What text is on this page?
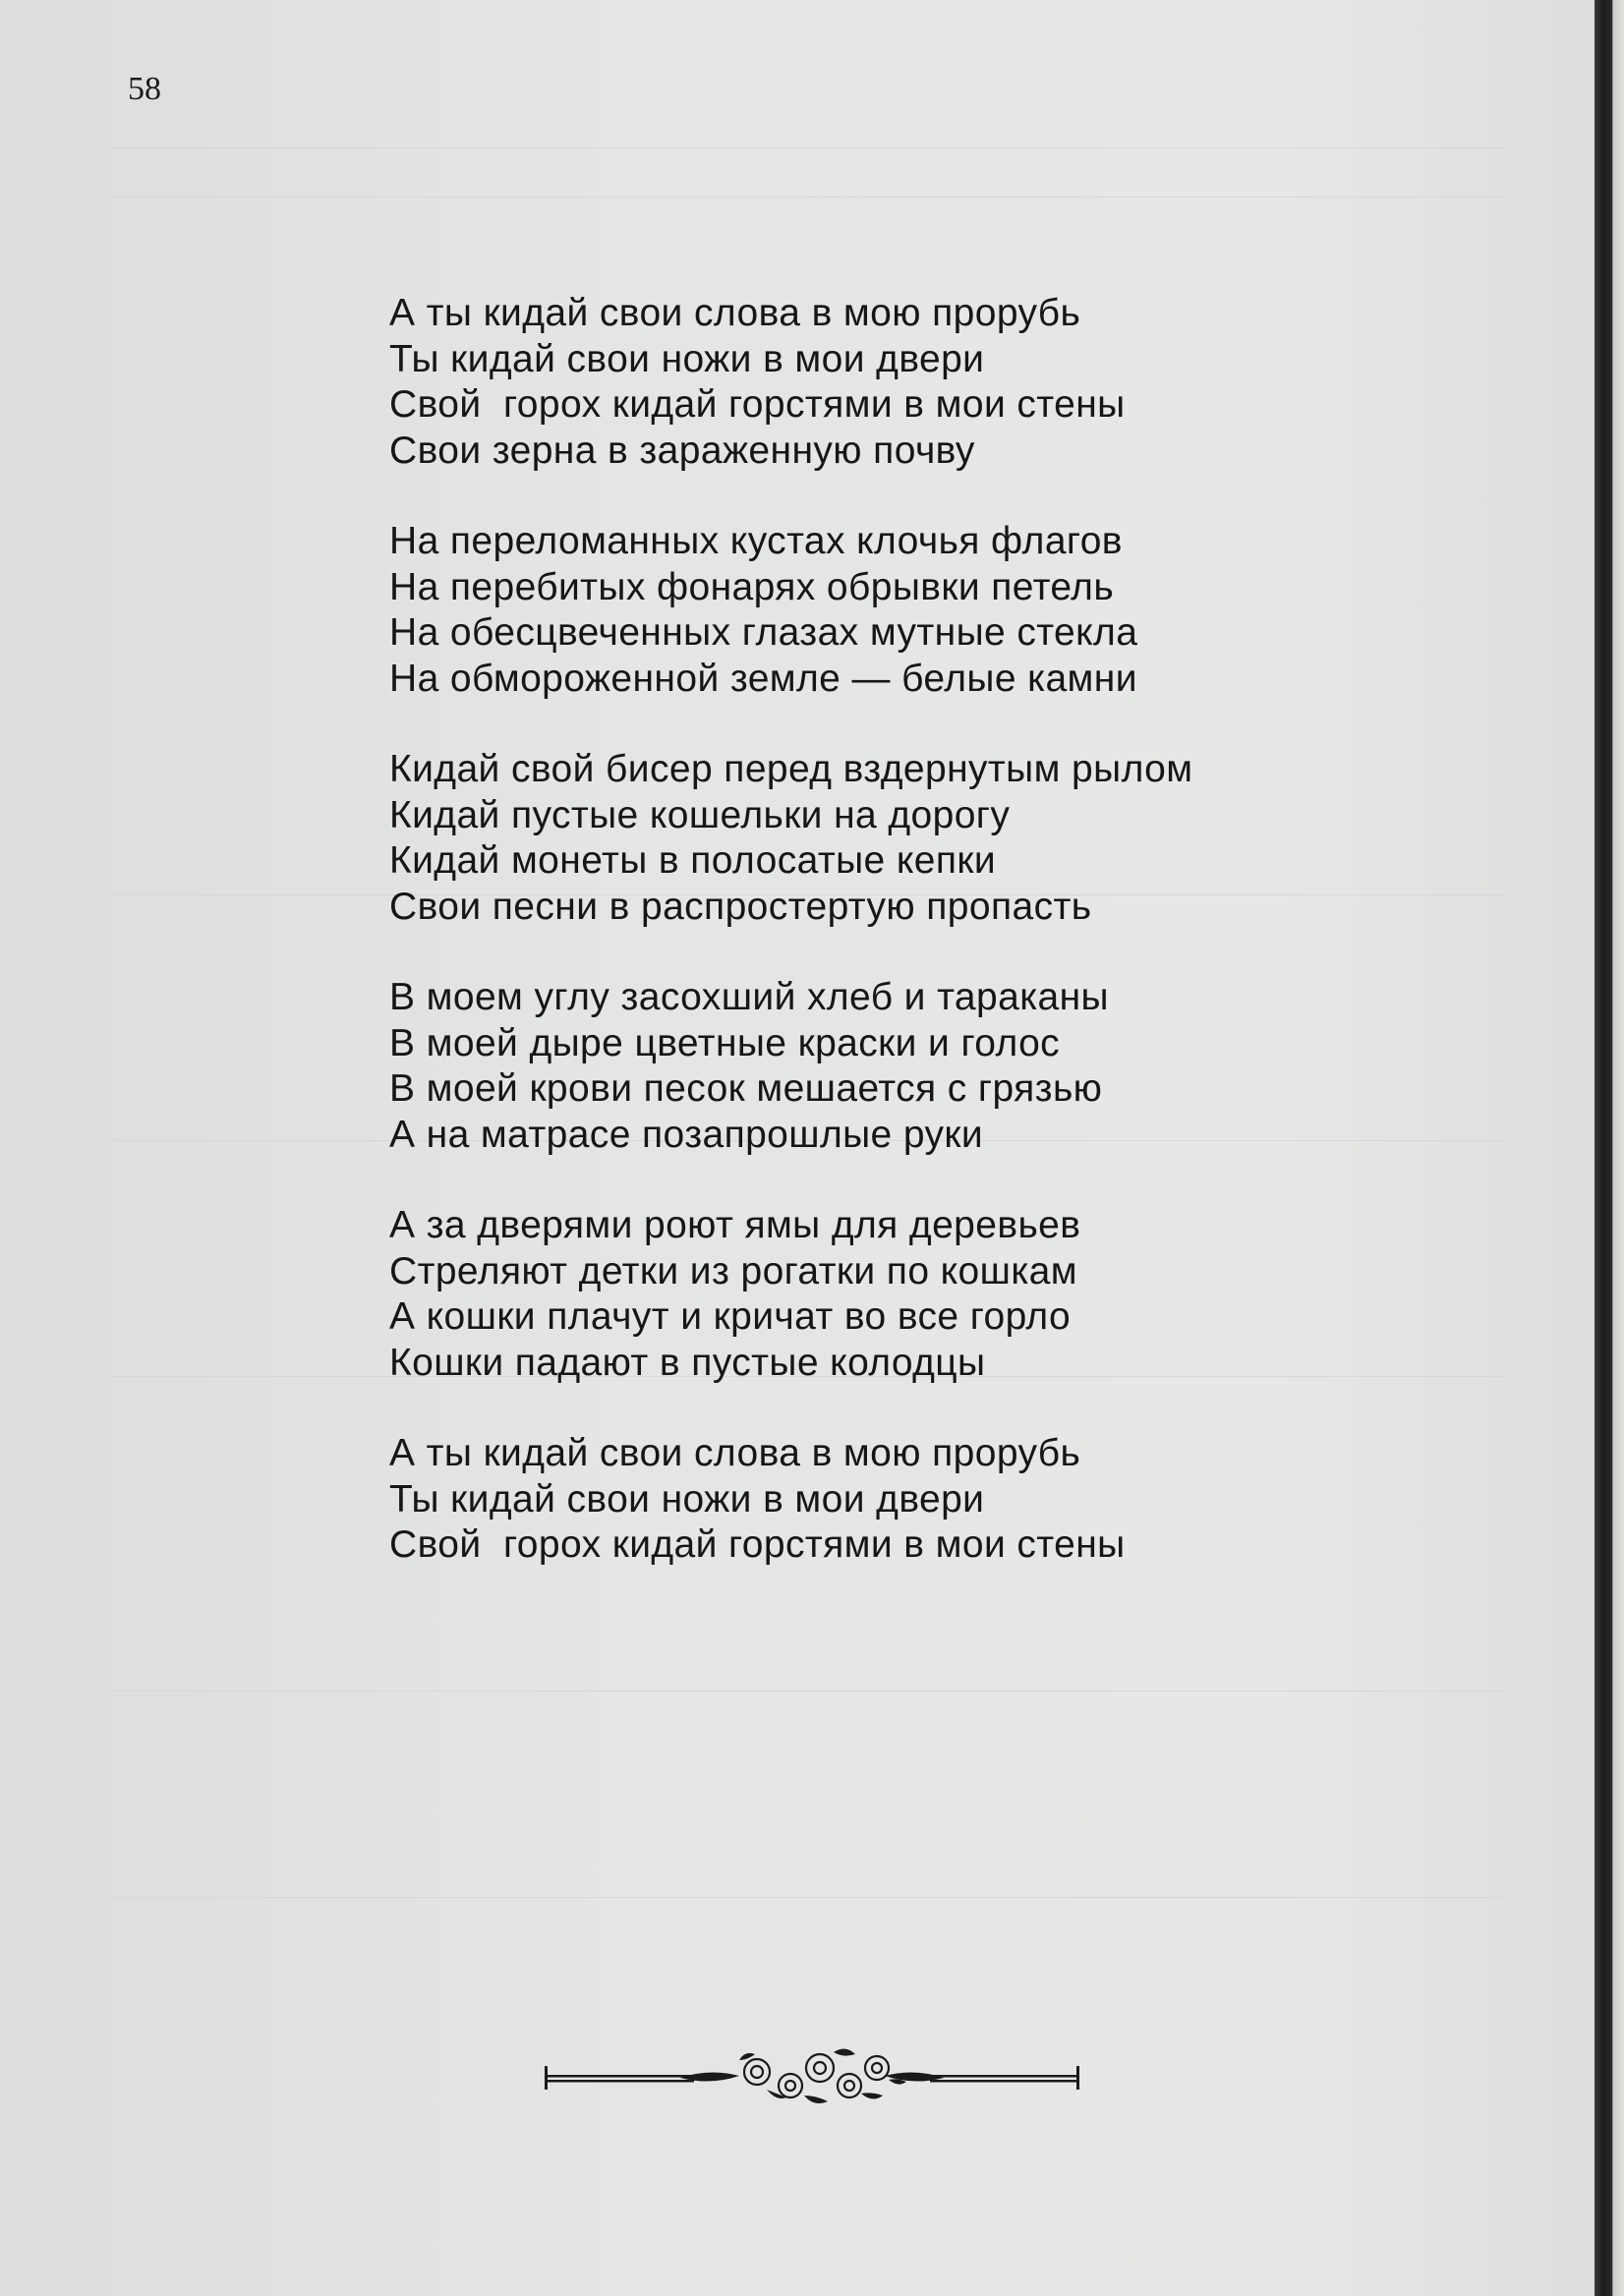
58
А ты кидай свои слова в мою прорубь
Ты кидай свои ножи в мои двери
Свой  горох кидай горстями в мои стены
Свои зерна в зараженную почву
На переломанных кустах клочья флагов
На перебитых фонарях обрывки петель
На обесцвеченных глазах мутные стекла
На обмороженной земле — белые камни
Кидай свой бисер перед вздернутым рылом
Кидай пустые кошельки на дорогу
Кидай монеты в полосатые кепки
Свои песни в распростертую пропасть
В моем углу засохший хлеб и тараканы
В моей дыре цветные краски и голос
В моей крови песок мешается с грязью
А на матрасе позапрошлые руки
А за дверями роют ямы для деревьев
Стреляют детки из рогатки по кошкам
А кошки плачут и кричат во все горло
Кошки падают в пустые колодцы
А ты кидай свои слова в мою прорубь
Ты кидай свои ножи в мои двери
Свой  горох кидай горстями в мои стены
